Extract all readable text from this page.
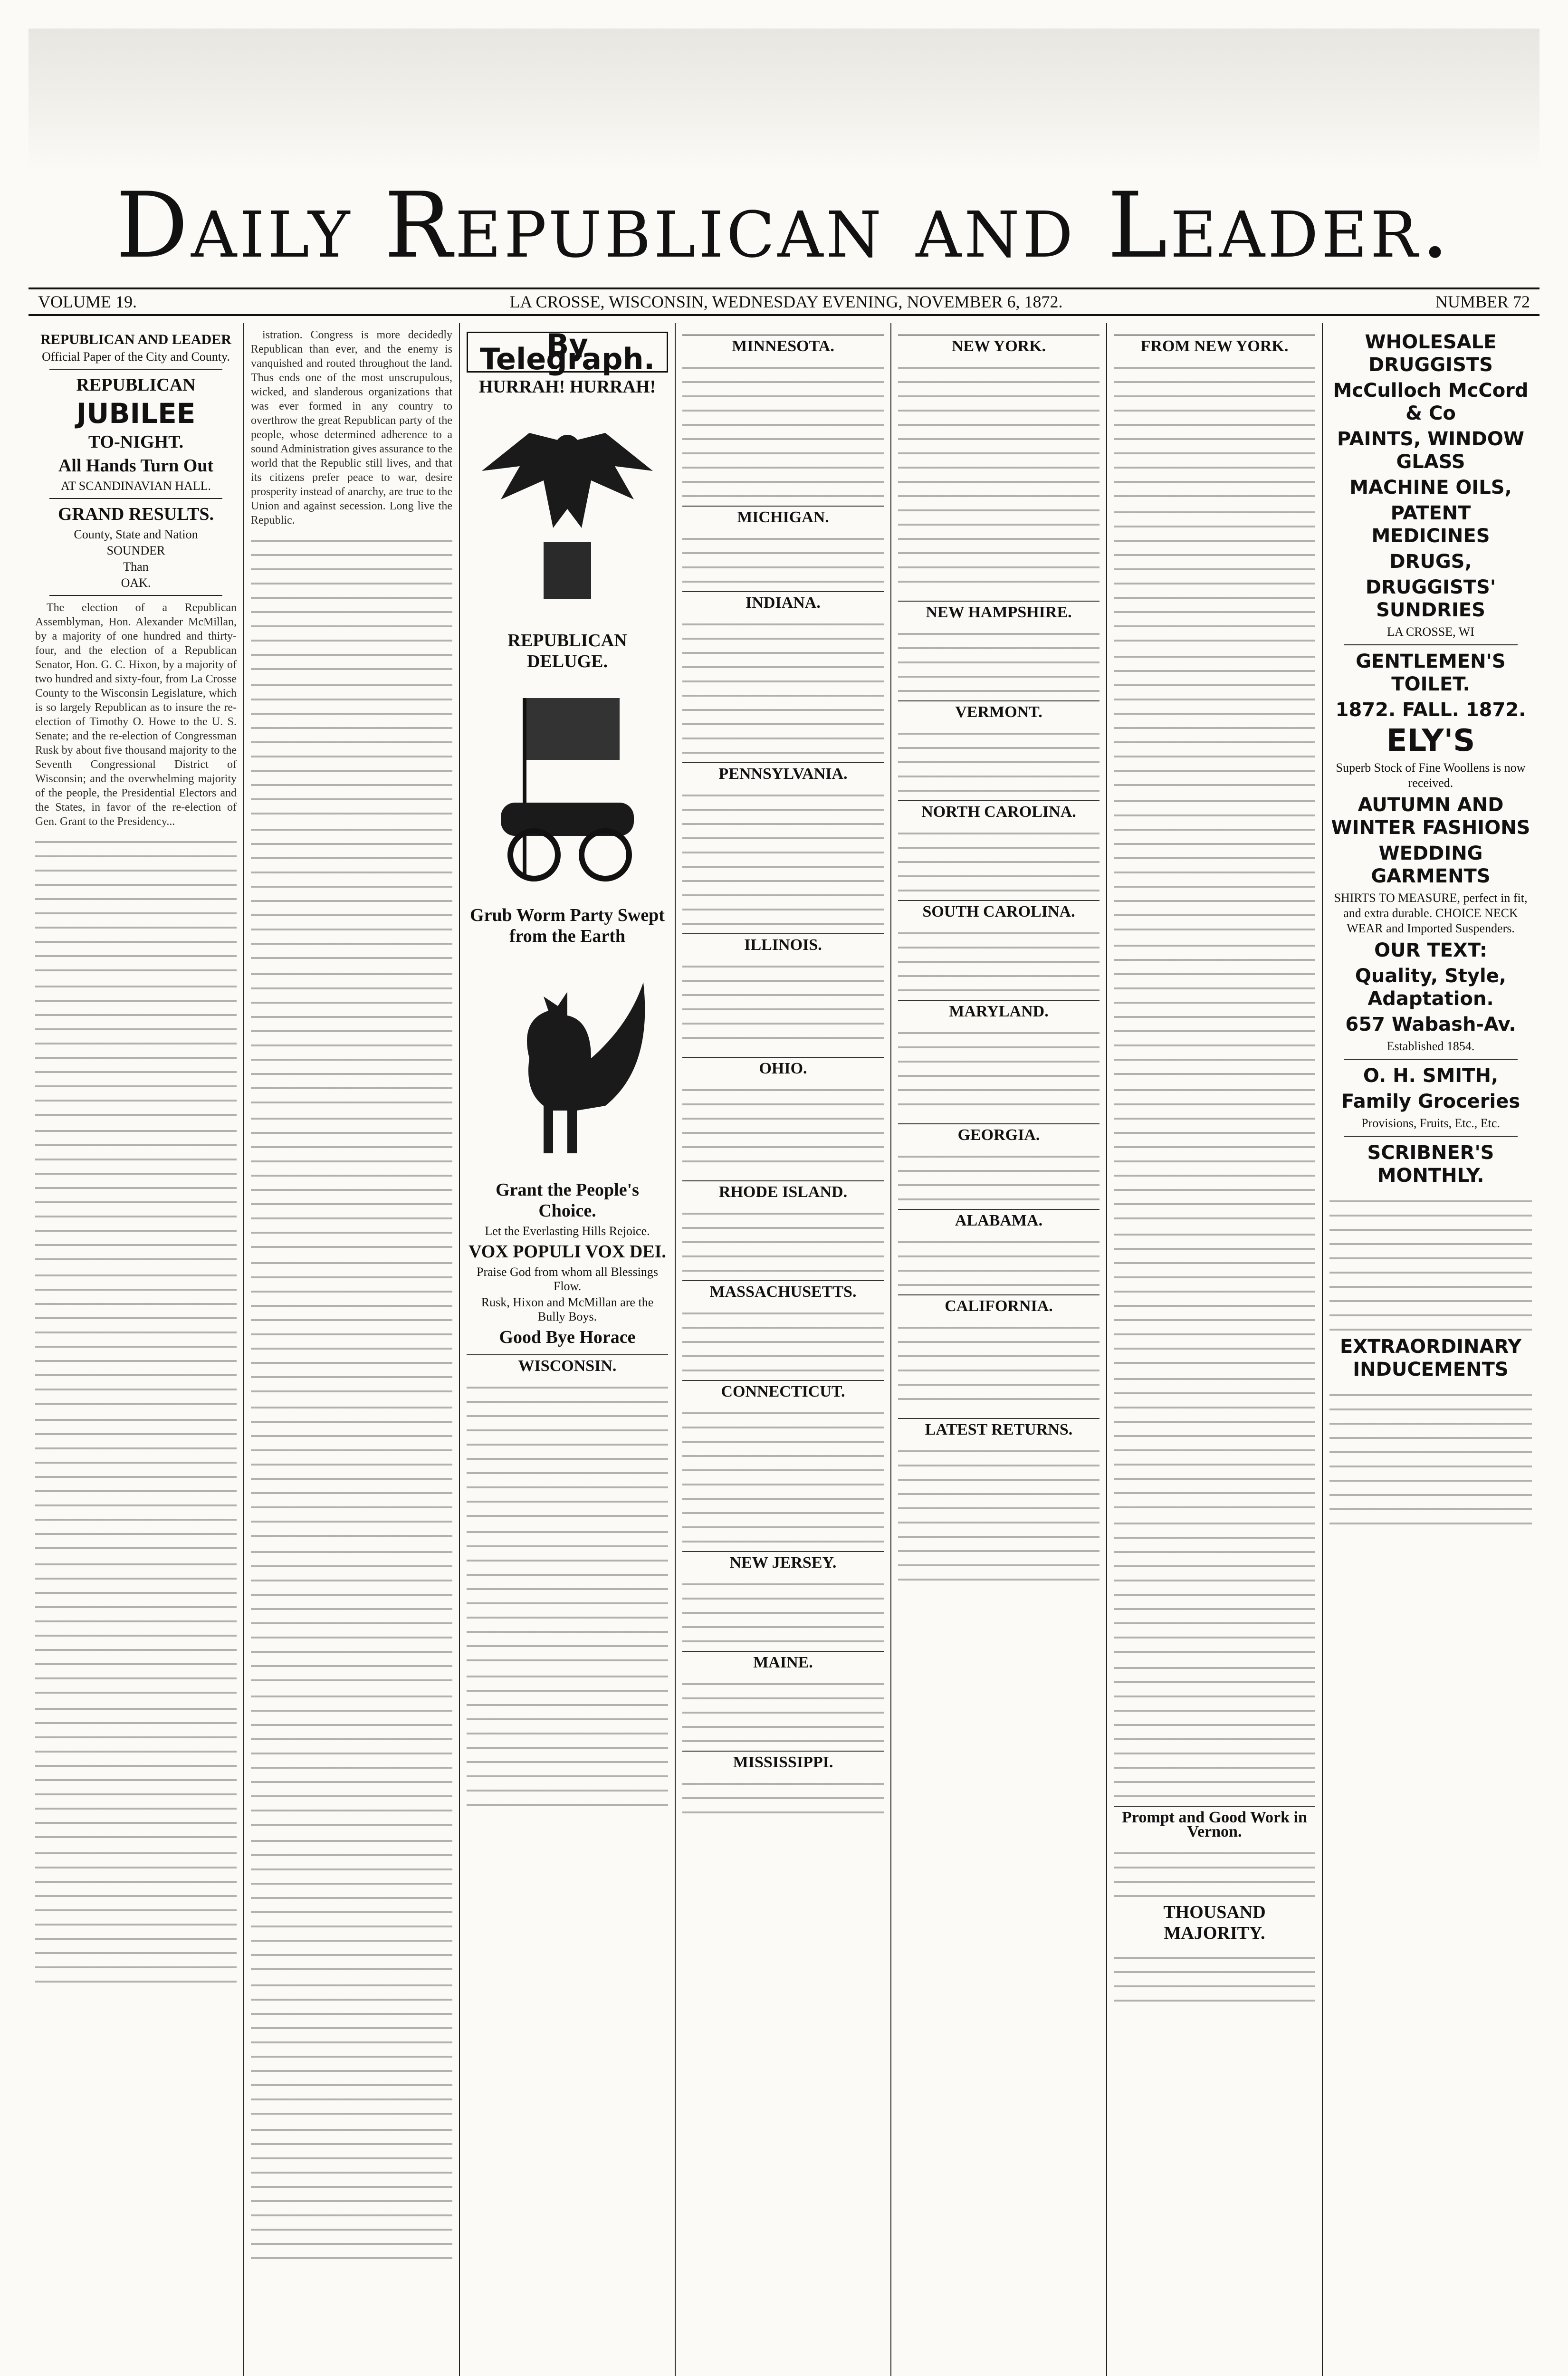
Daily Republican and Leader.
VOLUME 19.	LA CROSSE, WISCONSIN, WEDNESDAY EVENING, NOVEMBER 6, 1872.	NUMBER 72
REPUBLICAN AND LEADER
Official Paper of the City and County.
REPUBLICAN
JUBILEE
TO-NIGHT.
All Hands Turn Out
AT SCANDINAVIAN HALL.
GRAND RESULTS.
County, State and Nation
SOUNDER
Than
OAK.

The election of a Republican Assemblyman, Hon. Alexander McMillan, by a majority of one hundred and thirty-four, and the election of a Republican Senator, Hon. G. C. Hixon, by a majority of two hundred and sixty-four, from La Crosse County to the Wisconsin Legislature, which is so largely Republican as to insure the re-election of Timothy O. Howe to the U. S. Senate; and the re-election of Congressman Rusk by about five thousand majority to the Seventh Congressional District of Wisconsin; and the overwhelming majority of the people, the Presidential Electors and the States, in favor of the re-election of Gen. Grant to the Presidency...

istration. Congress is more decidedly Republican than ever, and the enemy is vanquished and routed throughout the land. Thus ends one of the most unscrupulous, wicked, and slanderous organizations that was ever formed in any country to overthrow the great Republican party of the people, whose determined adherence to a sound Administration gives assurance to the world that the Republic still lives, and that its citizens prefer peace to war, desire prosperity instead of anarchy, are true to the Union and against secession. Long live the Republic.

By Telegraph.
HURRAH! HURRAH!
REPUBLICAN DELUGE.
Grub Worm Party Swept from the Earth
Grant the People's Choice.
Let the Everlasting Hills Rejoice.
VOX POPULI VOX DEI.
Praise God from whom all Blessings Flow.
Rusk, Hixon and McMillan are the Bully Boys.
Good Bye Horace
WISCONSIN.
MINNESOTA.
MICHIGAN.
INDIANA.
PENNSYLVANIA.
ILLINOIS.
OHIO.
RHODE ISLAND.
MASSACHUSETTS.
CONNECTICUT.
NEW JERSEY.
MAINE.
MISSISSIPPI.
NEW YORK.
NEW HAMPSHIRE.
VERMONT.
NORTH CAROLINA.
SOUTH CAROLINA.
MARYLAND.
GEORGIA.
ALABAMA.
CALIFORNIA.
LATEST RETURNS.
FROM NEW YORK.
Prompt and Good Work in Vernon.
THOUSAND MAJORITY.
WHOLESALE DRUGGISTS
McCulloch McCord & Co
PAINTS, WINDOW GLASS
MACHINE OILS,
PATENT MEDICINES
DRUGS,
DRUGGISTS' SUNDRIES
LA CROSSE, WI
GENTLEMEN'S TOILET.
1872. FALL. 1872.
ELY'S
Superb Stock of Fine Woollens is now received.
AUTUMN AND WINTER FASHIONS
WEDDING GARMENTS
SHIRTS TO MEASURE, perfect in fit, and extra durable. CHOICE NECK WEAR and Imported Suspenders.
OUR TEXT:
Quality, Style, Adaptation.
657 Wabash-Av.
Established 1854.
O. H. SMITH,
Family Groceries
Provisions, Fruits, Etc., Etc.
SCRIBNER'S MONTHLY.
EXTRAORDINARY INDUCEMENTS
